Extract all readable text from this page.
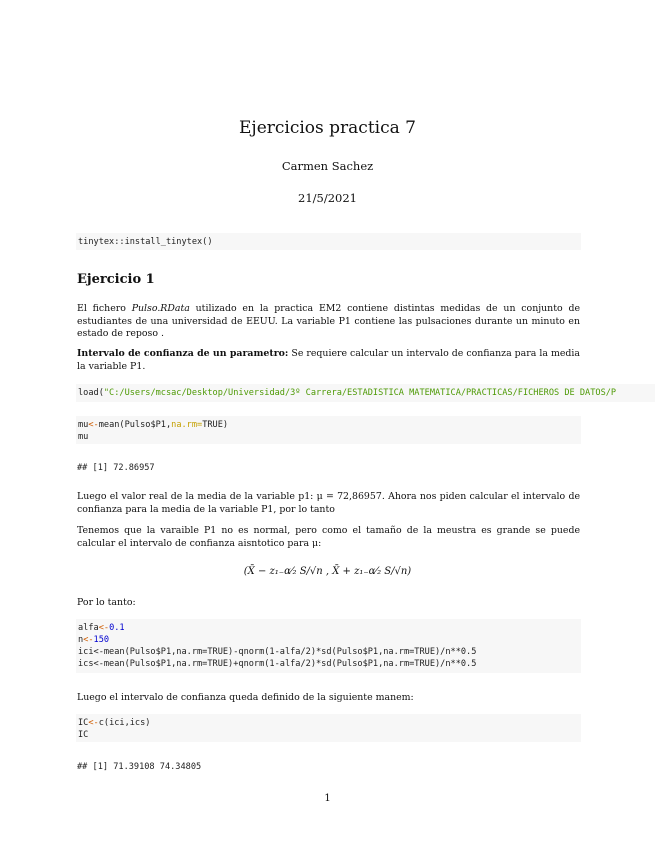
Ejercicios practica 7
Carmen Sachez
21/5/2021
tinytex::install_tinytex()
Ejercicio 1
El fichero Pulso.RData utilizado en la practica EM2 contiene distintas medidas de un conjunto de estudiantes de una universidad de EEUU. La variable P1 contiene las pulsaciones durante un minuto en estado de reposo .
Intervalo de confianza de un parametro: Se requiere calcular un intervalo de confianza para la media la variable P1.
load("C:/Users/mcsac/Desktop/Universidad/3º Carrera/ESTADISTICA MATEMATICA/PRACTICAS/FICHEROS DE DATOS/P
mu<-mean(Pulso$P1,na.rm=TRUE)
mu
## [1] 72.86957
Luego el valor real de la media de la variable p1: μ = 72,86957. Ahora nos piden calcular el intervalo de confianza para la media de la variable P1, por lo tanto
Tenemos que la varaible P1 no es normal, pero como el tamaño de la meustra es grande se puede calcular el intervalo de confianza aisntotico para μ:
(X̄ − z₁₋α⁄₂ S/√n , X̄ + z₁₋α⁄₂ S/√n)
Por lo tanto:
alfa<-0.1
n<-150
ici<-mean(Pulso$P1,na.rm=TRUE)-qnorm(1-alfa/2)*sd(Pulso$P1,na.rm=TRUE)/n**0.5
ics<-mean(Pulso$P1,na.rm=TRUE)+qnorm(1-alfa/2)*sd(Pulso$P1,na.rm=TRUE)/n**0.5
Luego el intervalo de confianza queda definido de la siguiente manem:
IC<-c(ici,ics)
IC
## [1] 71.39108 74.34805
1
